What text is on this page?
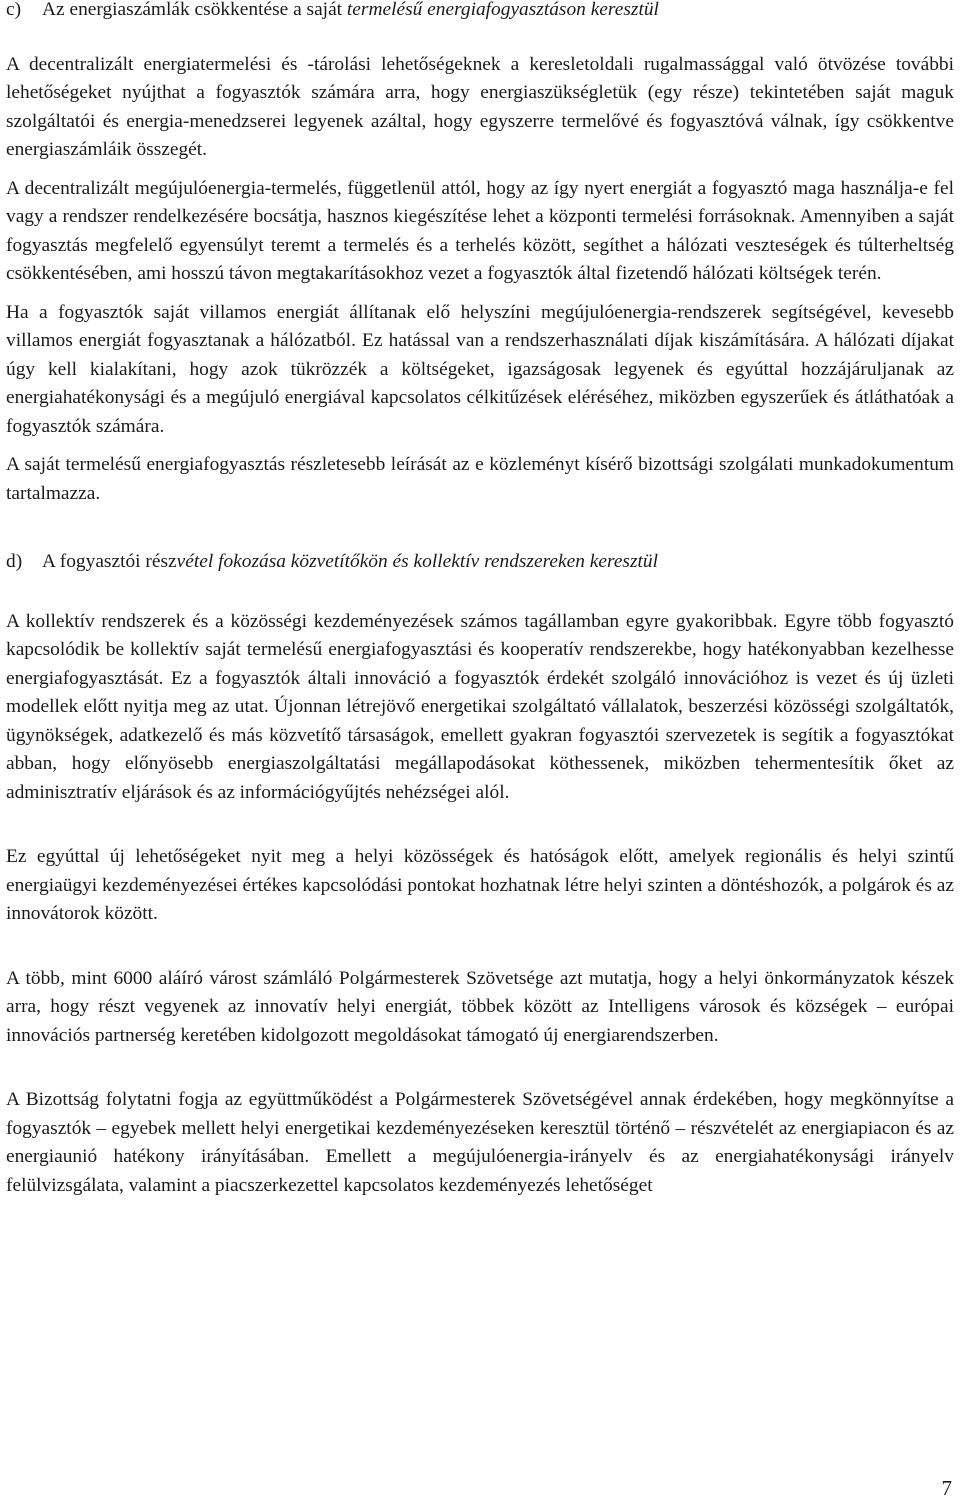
c) Az energiaszámlák csökkentése a saját termelésű energiafogyasztáson keresztül

A decentralizált energiatermelési és -tárolási lehetőségeknek a keresletoldali rugalmassággal való ötvözése további lehetőségeket nyújthat a fogyasztók számára arra, hogy energiaszükségletük (egy része) tekintetében saját maguk szolgáltatói és energia-menedzserei legyenek azáltal, hogy egyszerre termelővé és fogyasztóvá válnak, így csökkentve energiaszámláik összegét.

A decentralizált megújulóenergia-termelés, függetlenül attól, hogy az így nyert energiát a fogyasztó maga használja-e fel vagy a rendszer rendelkezésére bocsátja, hasznos kiegészítése lehet a központi termelési forrásoknak. Amennyiben a saját fogyasztás megfelelő egyensúlyt teremt a termelés és a terhelés között, segíthet a hálózati veszteségek és túlterheltség csökkentésében, ami hosszú távon megtakarításokhoz vezet a fogyasztók által fizetendő hálózati költségek terén.

Ha a fogyasztók saját villamos energiát állítanak elő helyszíni megújulóenergia-rendszerek segítségével, kevesebb villamos energiát fogyasztanak a hálózatból. Ez hatással van a rendszerhasználati díjak kiszámítására. A hálózati díjakat úgy kell kialakítani, hogy azok tükrözzék a költségeket, igazságosak legyenek és egyúttal hozzájáruljanak az energiahatékonysági és a megújuló energiával kapcsolatos célkitűzések eléréséhez, miközben egyszerűek és átláthatóak a fogyasztók számára.

A saját termelésű energiafogyasztás részletesebb leírását az e közleményt kísérő bizottsági szolgálati munkadokumentum tartalmazza.

d) A fogyasztói részvétel fokozása közvetítőkön és kollektív rendszereken keresztül

A kollektív rendszerek és a közösségi kezdeményezések számos tagállamban egyre gyakoribbak. Egyre több fogyasztó kapcsolódik be kollektív saját termelésű energiafogyasztási és kooperatív rendszerekbe, hogy hatékonyabban kezelhesse energiafogyasztását. Ez a fogyasztók általi innováció a fogyasztók érdekét szolgáló innovációhoz is vezet és új üzleti modellek előtt nyitja meg az utat. Újonnan létrejövő energetikai szolgáltató vállalatok, beszerzési közösségi szolgáltatók, ügynökségek, adatkezelő és más közvetítő társaságok, emellett gyakran fogyasztói szervezetek is segítik a fogyasztókat abban, hogy előnyösebb energiaszolgáltatási megállapodásokat köthessenek, miközben tehermentesítik őket az adminisztratív eljárások és az információgyűjtés nehézségei alól.

Ez egyúttal új lehetőségeket nyit meg a helyi közösségek és hatóságok előtt, amelyek regionális és helyi szintű energiaügyi kezdeményezései értékes kapcsolódási pontokat hozhatnak létre helyi szinten a döntéshozók, a polgárok és az innovátorok között.

A több, mint 6000 aláíró várost számláló Polgármesterek Szövetsége azt mutatja, hogy a helyi önkormányzatok készek arra, hogy részt vegyenek az innovatív helyi energiát, többek között az Intelligens városok és községek – európai innovációs partnerség keretében kidolgozott megoldásokat támogató új energiarendszerben.

A Bizottság folytatni fogja az együttműködést a Polgármesterek Szövetségével annak érdekében, hogy megkönnyítse a fogyasztók – egyebek mellett helyi energetikai kezdeményezéseken keresztül történő – részvételét az energiapiacon és az energiaunió hatékony irányításában. Emellett a megújulóenergia-irányelv és az energiahatékonysági irányelv felülvizsgálata, valamint a piacszerkezettel kapcsolatos kezdeményezés lehetőséget

7
